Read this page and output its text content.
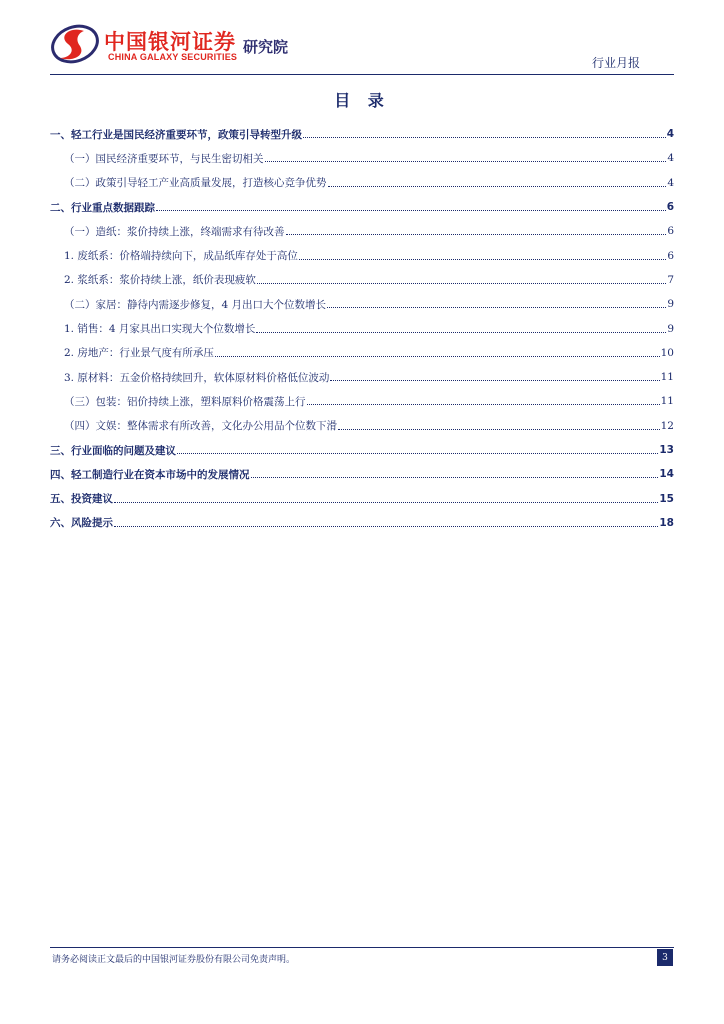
中国银河证券
CHINA GALAXY SECURITIES
研究院
行业月报
目 录
一、轻工行业是国民经济重要环节，政策引导转型升级	4
（一）国民经济重要环节，与民生密切相关	4
（二）政策引导轻工产业高质量发展，打造核心竞争优势	4
二、行业重点数据跟踪	6
（一）造纸：浆价持续上涨，终端需求有待改善	6
1. 废纸系：价格端持续向下，成品纸库存处于高位	6
2. 浆纸系：浆价持续上涨，纸价表现疲软	7
（二）家居：静待内需逐步修复，4 月出口大个位数增长	9
1. 销售：4 月家具出口实现大个位数增长	9
2. 房地产：行业景气度有所承压	10
3. 原材料：五金价格持续回升，软体原材料价格低位波动	11
（三）包装：铝价持续上涨，塑料原料价格震荡上行	11
（四）文娱：整体需求有所改善，文化办公用品个位数下滑	12
三、行业面临的问题及建议	13
四、轻工制造行业在资本市场中的发展情况	14
五、投资建议	15
六、风险提示	18
请务必阅读正文最后的中国银河证券股份有限公司免责声明。	3
